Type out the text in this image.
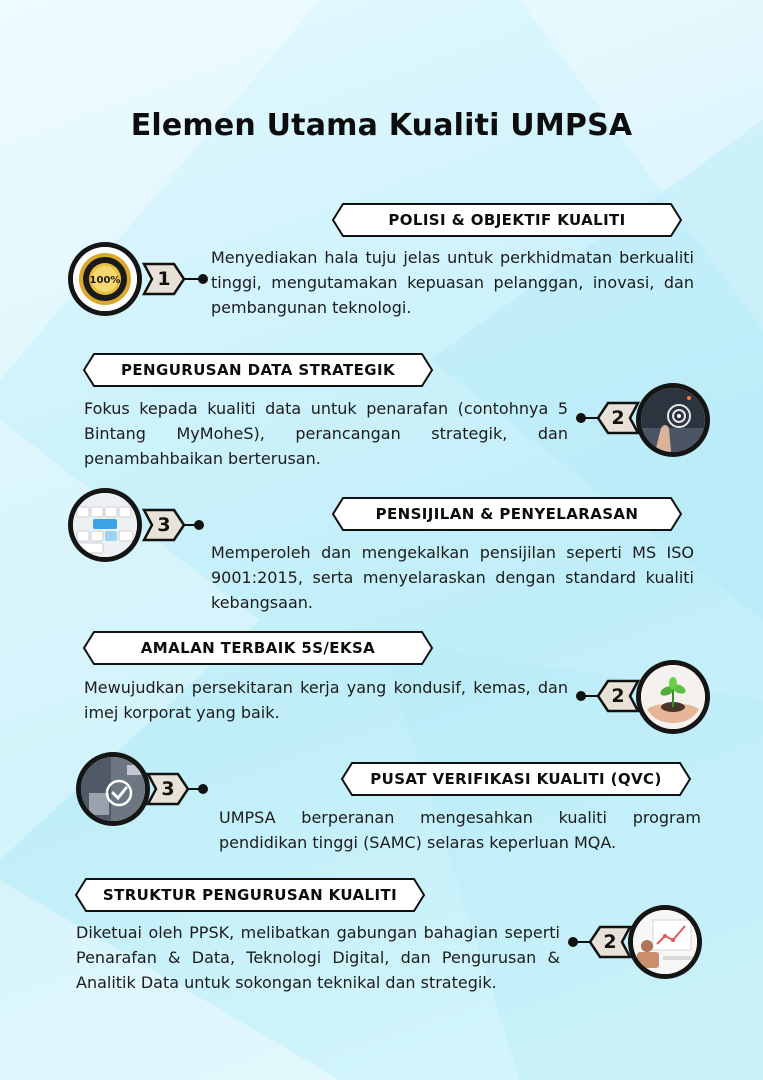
Elemen Utama Kualiti UMPSA
POLISI & OBJEKTIF KUALITI
100%	1
Menyediakan hala tuju jelas untuk perkhidmatan berkualiti tinggi, mengutamakan kepuasan pelanggan, inovasi, dan pembangunan teknologi.
PENGURUSAN DATA STRATEGIK
Fokus kepada kualiti data untuk penarafan (contohnya 5 Bintang MyMoheS), perancangan strategik, dan penambahbaikan berterusan.
2
3	PENSIJILAN & PENYELARASAN
Memperoleh dan mengekalkan pensijilan seperti MS ISO 9001:2015, serta menyelaraskan dengan standard kualiti kebangsaan.
AMALAN TERBAIK 5S/EKSA
Mewujudkan persekitaran kerja yang kondusif, kemas, dan imej korporat yang baik.
2
3	PUSAT VERIFIKASI KUALITI (QVC)
UMPSA berperanan mengesahkan kualiti program pendidikan tinggi (SAMC) selaras keperluan MQA.
STRUKTUR PENGURUSAN KUALITI
Diketuai oleh PPSK, melibatkan gabungan bahagian seperti Penarafan & Data, Teknologi Digital, dan Pengurusan & Analitik Data untuk sokongan teknikal dan strategik.
2
